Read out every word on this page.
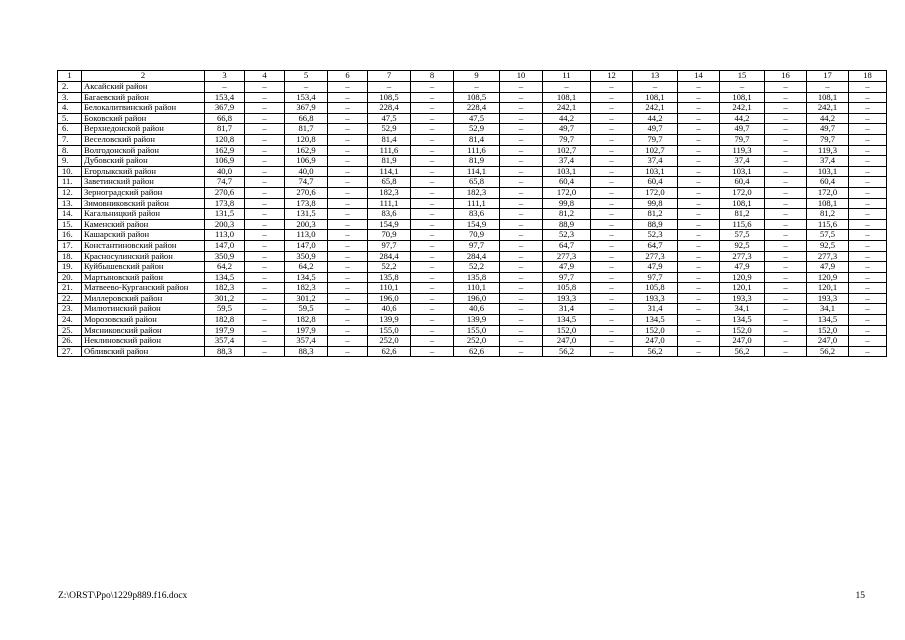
1	2	3	4	5	6	7	8	9	10	11	12	13	14	15	16	17	18
2.	Аксайский район	–	–	–	–	–	–	–	–	–	–	–	–	–	–	–	–
3.	Багаевский район	153,4	–	153,4	–	108,5	–	108,5	–	108,1	–	108,1	–	108,1	–	108,1	–
4.	Белокалитвинский район	367,9	–	367,9	–	228,4	–	228,4	–	242,1	–	242,1	–	242,1	–	242,1	–
5.	Боковский район	66,8	–	66,8	–	47,5	–	47,5	–	44,2	–	44,2	–	44,2	–	44,2	–
6.	Верхнедонской район	81,7	–	81,7	–	52,9	–	52,9	–	49,7	–	49,7	–	49,7	–	49,7	–
7.	Веселовский район	120,8	–	120,8	–	81,4	–	81,4	–	79,7	–	79,7	–	79,7	–	79,7	–
8.	Волгодонской район	162,9	–	162,9	–	111,6	–	111,6	–	102,7	–	102,7	–	119,3	–	119,3	–
9.	Дубовский район	106,9	–	106,9	–	81,9	–	81,9	–	37,4	–	37,4	–	37,4	–	37,4	–
10.	Егорлыкский район	40,0	–	40,0	–	114,1	–	114,1	–	103,1	–	103,1	–	103,1	–	103,1	–
11.	Заветинский район	74,7	–	74,7	–	65,8	–	65,8	–	60,4	–	60,4	–	60,4	–	60,4	–
12.	Зерноградский район	270,6	–	270,6	–	182,3	–	182,3	–	172,0	–	172,0	–	172,0	–	172,0	–
13.	Зимовниковский район	173,8	–	173,8	–	111,1	–	111,1	–	99,8	–	99,8	–	108,1	–	108,1	–
14.	Кагальницкий район	131,5	–	131,5	–	83,6	–	83,6	–	81,2	–	81,2	–	81,2	–	81,2	–
15.	Каменский район	200,3	–	200,3	–	154,9	–	154,9	–	88,9	–	88,9	–	115,6	–	115,6	–
16.	Кашарский район	113,0	–	113,0	–	70,9	–	70,9	–	52,3	–	52,3	–	57,5	–	57,5	–
17.	Константиновский район	147,0	–	147,0	–	97,7	–	97,7	–	64,7	–	64,7	–	92,5	–	92,5	–
18.	Красносулинский район	350,9	–	350,9	–	284,4	–	284,4	–	277,3	–	277,3	–	277,3	–	277,3	–
19.	Куйбышевский район	64,2	–	64,2	–	52,2	–	52,2	–	47,9	–	47,9	–	47,9	–	47,9	–
20.	Мартыновский район	134,5	–	134,5	–	135,8	–	135,8	–	97,7	–	97,7	–	120,9	–	120,9	–
21.	Матвеево-Курганский район	182,3	–	182,3	–	110,1	–	110,1	–	105,8	–	105,8	–	120,1	–	120,1	–
22.	Миллеровский район	301,2	–	301,2	–	196,0	–	196,0	–	193,3	–	193,3	–	193,3	–	193,3	–
23.	Милютинский район	59,5	–	59,5	–	40,6	–	40,6	–	31,4	–	31,4	–	34,1	–	34,1	–
24.	Морозовский район	182,8	–	182,8	–	139,9	–	139,9	–	134,5	–	134,5	–	134,5	–	134,5	–
25.	Мясниковский район	197,9	–	197,9	–	155,0	–	155,0	–	152,0	–	152,0	–	152,0	–	152,0	–
26.	Неклиновский район	357,4	–	357,4	–	252,0	–	252,0	–	247,0	–	247,0	–	247,0	–	247,0	–
27.	Обливский район	88,3	–	88,3	–	62,6	–	62,6	–	56,2	–	56,2	–	56,2	–	56,2	–
Z:\ORST\Ppo\1229p889.f16.docx	15
